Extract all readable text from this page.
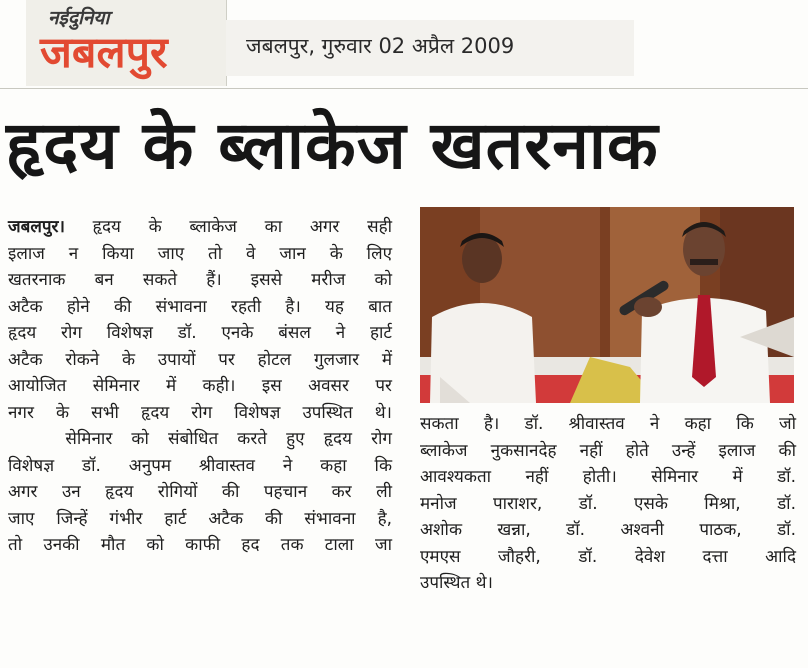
नईदुनिया
जबलपुर	जबलपुर, गुरुवार 02 अप्रैल 2009
हृदय के ब्लाकेज खतरनाक

जबलपुर। हृदय के ब्लाकेज का अगर सही

इलाज न किया जाए तो वे जान के लिए

खतरनाक बन सकते हैं। इससे मरीज को

अटैक होने की संभावना रहती है। यह बात

हृदय रोग विशेषज्ञ डॉ. एनके बंसल ने हार्ट

अटैक रोकने के उपायों पर होटल गुलजार में

आयोजित सेमिनार में कही। इस अवसर पर

नगर के सभी हृदय रोग विशेषज्ञ उपस्थित थे।

सेमिनार को संबोधित करते हुए हृदय रोग

विशेषज्ञ डॉ. अनुपम श्रीवास्तव ने कहा कि

अगर उन हृदय रोगियों की पहचान कर ली

जाए जिन्हें गंभीर हार्ट अटैक की संभावना है,

तो उनकी मौत को काफी हद तक टाला जा

सकता है। डॉ. श्रीवास्तव ने कहा कि जो

ब्लाकेज नुकसानदेह नहीं होते उन्हें इलाज की

आवश्यकता नहीं होती। सेमिनार में डॉ.

मनोज पाराशर, डॉ. एसके मिश्रा, डॉ.

अशोक खन्ना, डॉ. अश्वनी पाठक, डॉ.

एमएस जौहरी, डॉ. देवेश दत्ता आदि

उपस्थित थे।
